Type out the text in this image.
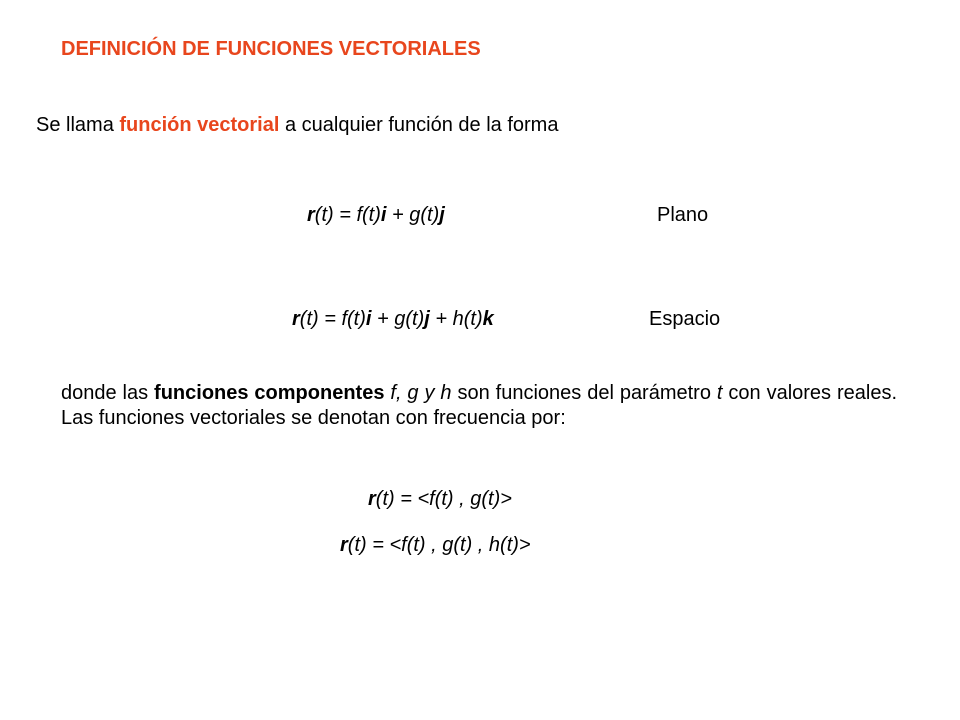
DEFINICIÓN DE FUNCIONES VECTORIALES
Se llama función vectorial a cualquier función de la forma
r(t) = f(t)i + g(t)j	Plano
r(t) = f(t)i + g(t)j + h(t)k	Espacio
donde las funciones componentes f, g y h son funciones del parámetro t con valores reales. Las funciones vectoriales se denotan con frecuencia por:
r(t) = <f(t) , g(t)>
r(t) = <f(t) , g(t) , h(t)>
